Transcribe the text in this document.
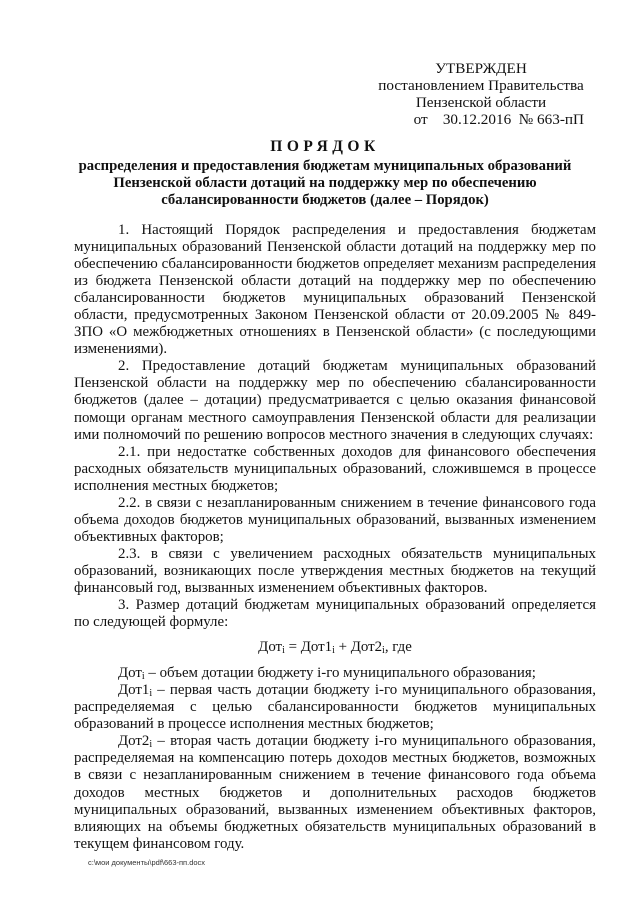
УТВЕРЖДЕН
постановлением Правительства
Пензенской области
от    30.12.2016  № 663-пП
ПОРЯДОК
распределения и предоставления бюджетам муниципальных образований
Пензенской области дотаций на поддержку мер по обеспечению
сбалансированности бюджетов (далее – Порядок)

1. Настоящий Порядок распределения и предоставления бюджетам муниципальных образований Пензенской области дотаций на поддержку мер по обеспечению сбалансированности бюджетов определяет механизм распределения из бюджета Пензенской области дотаций на поддержку мер по обеспечению сбалансированности бюджетов муниципальных образований Пензенской области, предусмотренных Законом Пензенской области от 20.09.2005 № 849-ЗПО «О межбюджетных отношениях в Пензенской области» (с последующими изменениями).

2. Предоставление дотаций бюджетам муниципальных образований Пензенской области на поддержку мер по обеспечению сбалансированности бюджетов (далее – дотации) предусматривается с целью оказания финансовой помощи органам местного самоуправления Пензенской области для реализации ими полномочий по решению вопросов местного значения в следующих случаях:

2.1. при недостатке собственных доходов для финансового обеспечения расходных обязательств муниципальных образований, сложившемся в процессе исполнения местных бюджетов;

2.2. в связи с незапланированным снижением в течение финансового года объема доходов бюджетов муниципальных образований, вызванных изменением объективных факторов;

2.3. в связи с увеличением расходных обязательств муниципальных образований, возникающих после утверждения местных бюджетов на текущий финансовый год, вызванных изменением объективных факторов.

3. Размер дотаций бюджетам муниципальных образований определяется по следующей формуле:

$Дот_i = Дот1_i + Дот2_i$, где

Дот$_i$ – объем дотации бюджету i-го муниципального образования;

$Дот1_i$ – первая часть дотации бюджету i-го муниципального образования, распределяемая с целью сбалансированности бюджетов муниципальных образований в процессе исполнения местных бюджетов;

$Дот2_i$ – вторая часть дотации бюджету i-го муниципального образования, распределяемая на компенсацию потерь доходов местных бюджетов, возможных в связи с незапланированным снижением в течение финансового года объема доходов местных бюджетов и дополнительных расходов бюджетов муниципальных образований, вызванных изменением объективных факторов, влияющих на объемы бюджетных обязательств муниципальных образований в текущем финансовом году.

c:\мои документы\pdf\663-пп.docx
